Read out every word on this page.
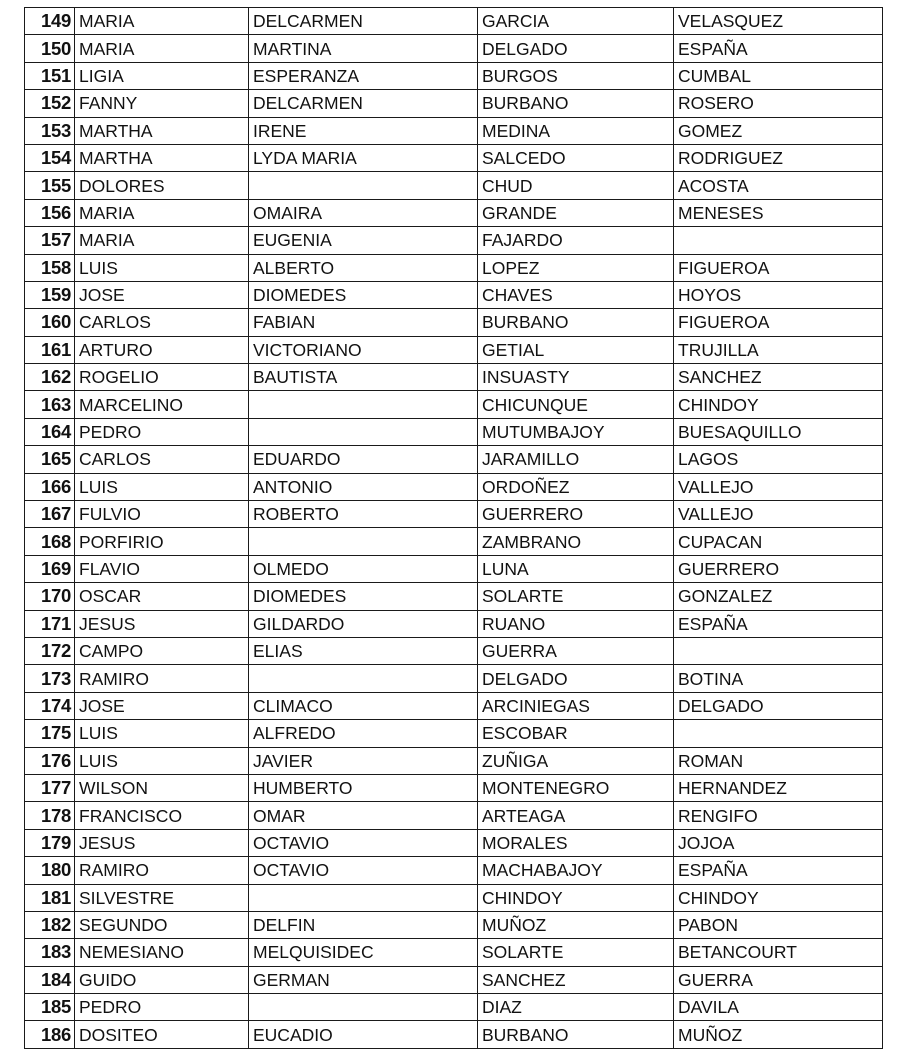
149	MARIA	DELCARMEN	GARCIA	VELASQUEZ
150	MARIA	MARTINA	DELGADO	ESPAÑA
151	LIGIA	ESPERANZA	BURGOS	CUMBAL
152	FANNY	DELCARMEN	BURBANO	ROSERO
153	MARTHA	IRENE	MEDINA	GOMEZ
154	MARTHA	LYDA MARIA	SALCEDO	RODRIGUEZ
155	DOLORES		CHUD	ACOSTA
156	MARIA	OMAIRA	GRANDE	MENESES
157	MARIA	EUGENIA	FAJARDO	
158	LUIS	ALBERTO	LOPEZ	FIGUEROA
159	JOSE	DIOMEDES	CHAVES	HOYOS
160	CARLOS	FABIAN	BURBANO	FIGUEROA
161	ARTURO	VICTORIANO	GETIAL	TRUJILLA
162	ROGELIO	BAUTISTA	INSUASTY	SANCHEZ
163	MARCELINO		CHICUNQUE	CHINDOY
164	PEDRO		MUTUMBAJOY	BUESAQUILLO
165	CARLOS	EDUARDO	JARAMILLO	LAGOS
166	LUIS	ANTONIO	ORDOÑEZ	VALLEJO
167	FULVIO	ROBERTO	GUERRERO	VALLEJO
168	PORFIRIO		ZAMBRANO	CUPACAN
169	FLAVIO	OLMEDO	LUNA	GUERRERO
170	OSCAR	DIOMEDES	SOLARTE	GONZALEZ
171	JESUS	GILDARDO	RUANO	ESPAÑA
172	CAMPO	ELIAS	GUERRA	
173	RAMIRO		DELGADO	BOTINA
174	JOSE	CLIMACO	ARCINIEGAS	DELGADO
175	LUIS	ALFREDO	ESCOBAR	
176	LUIS	JAVIER	ZUÑIGA	ROMAN
177	WILSON	HUMBERTO	MONTENEGRO	HERNANDEZ
178	FRANCISCO	OMAR	ARTEAGA	RENGIFO
179	JESUS	OCTAVIO	MORALES	JOJOA
180	RAMIRO	OCTAVIO	MACHABAJOY	ESPAÑA
181	SILVESTRE		CHINDOY	CHINDOY
182	SEGUNDO	DELFIN	MUÑOZ	PABON
183	NEMESIANO	MELQUISIDEC	SOLARTE	BETANCOURT
184	GUIDO	GERMAN	SANCHEZ	GUERRA
185	PEDRO		DIAZ	DAVILA
186	DOSITEO	EUCADIO	BURBANO	MUÑOZ
